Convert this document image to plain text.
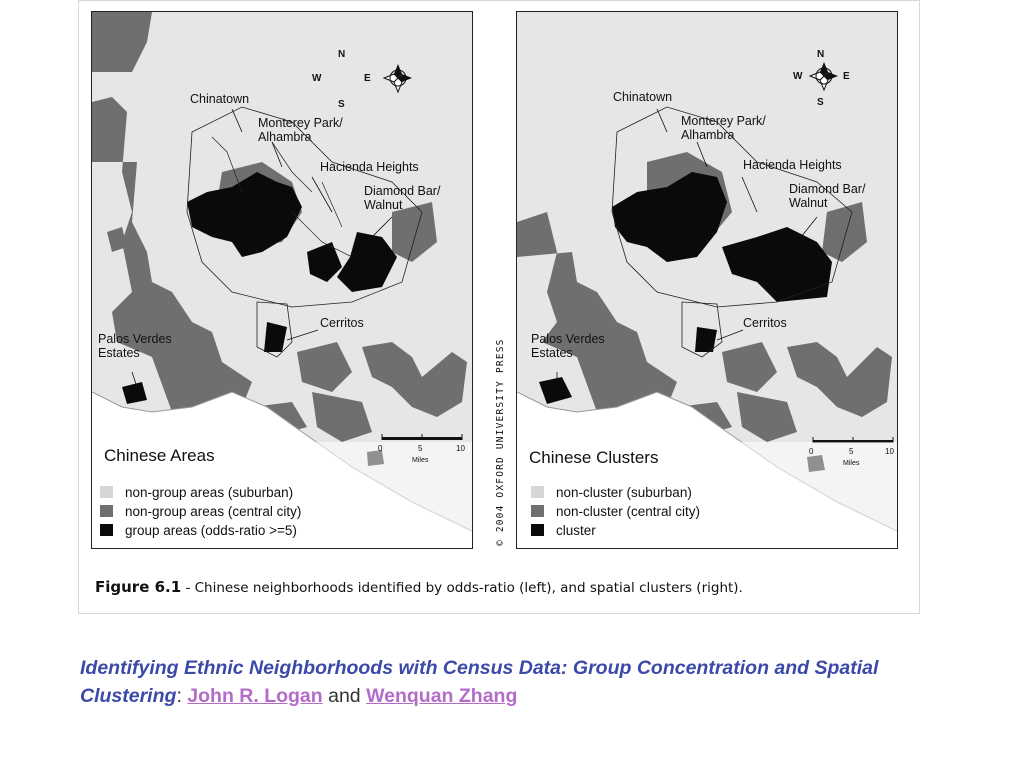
N
S
E
W
Chinatown
Monterey Park/
Alhambra
Hacienda Heights
Diamond Bar/
Walnut
Cerritos
Palos Verdes
Estates
0	5	10
Miles
Chinese Areas
non-group areas (suburban)
non-group areas (central city)
group areas (odds-ratio >=5)
N
S
E
W
Chinatown
Monterey Park/
Alhambra
Hacienda Heights
Diamond Bar/
Walnut
Cerritos
Palos Verdes
Estates
0	5	10
Miles
Chinese Clusters
non-cluster (suburban)
non-cluster (central city)
cluster
© 2004 OXFORD UNIVERSITY PRESS
Figure 6.1 - Chinese neighborhoods identified by odds-ratio (left), and spatial clusters (right).
Identifying Ethnic Neighborhoods with Census Data: Group Concentration and Spatial Clustering: John R. Logan and Wenquan Zhang
